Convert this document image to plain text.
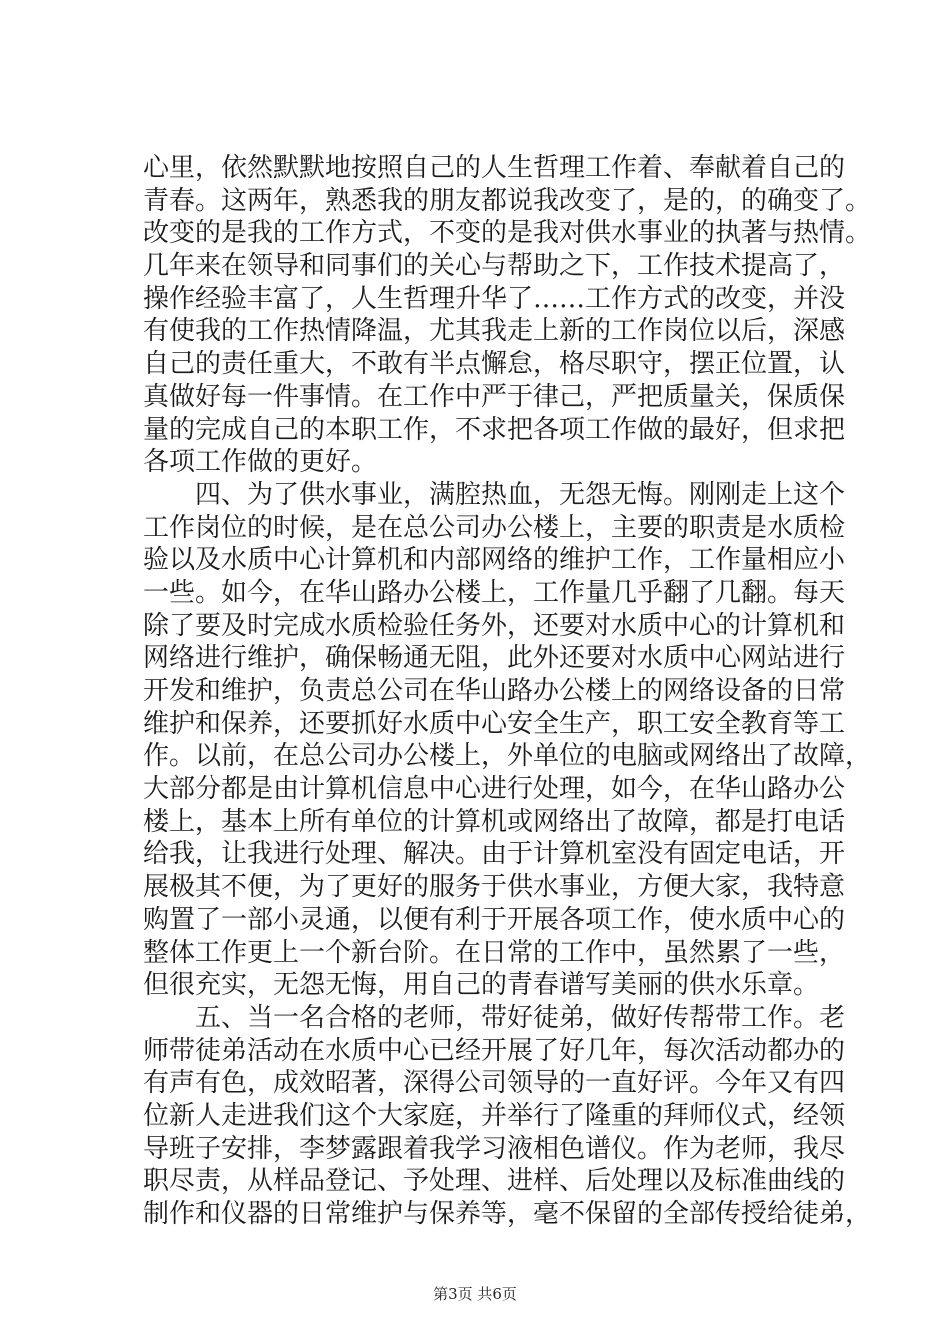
心里，依然默默地按照自己的人生哲理工作着、奉献着自己的
青春。这两年，熟悉我的朋友都说我改变了，是的，的确变了。
改变的是我的工作方式，不变的是我对供水事业的执著与热情。
几年来在领导和同事们的关心与帮助之下，工作技术提高了，
操作经验丰富了，人生哲理升华了……工作方式的改变，并没
有使我的工作热情降温，尤其我走上新的工作岗位以后，深感
自己的责任重大，不敢有半点懈怠，格尽职守，摆正位置，认
真做好每一件事情。在工作中严于律己，严把质量关，保质保
量的完成自己的本职工作，不求把各项工作做的最好，但求把
各项工作做的更好。
　　四、为了供水事业，满腔热血，无怨无悔。刚刚走上这个
工作岗位的时候，是在总公司办公楼上，主要的职责是水质检
验以及水质中心计算机和内部网络的维护工作，工作量相应小
一些。如今，在华山路办公楼上，工作量几乎翻了几翻。每天
除了要及时完成水质检验任务外，还要对水质中心的计算机和
网络进行维护，确保畅通无阻，此外还要对水质中心网站进行
开发和维护，负责总公司在华山路办公楼上的网络设备的日常
维护和保养，还要抓好水质中心安全生产，职工安全教育等工
作。以前，在总公司办公楼上，外单位的电脑或网络出了故障，
大部分都是由计算机信息中心进行处理，如今，在华山路办公
楼上，基本上所有单位的计算机或网络出了故障，都是打电话
给我，让我进行处理、解决。由于计算机室没有固定电话，开
展极其不便，为了更好的服务于供水事业，方便大家，我特意
购置了一部小灵通，以便有利于开展各项工作，使水质中心的
整体工作更上一个新台阶。在日常的工作中，虽然累了一些，
但很充实，无怨无悔，用自己的青春谱写美丽的供水乐章。
　　五、当一名合格的老师，带好徒弟，做好传帮带工作。老
师带徒弟活动在水质中心已经开展了好几年，每次活动都办的
有声有色，成效昭著，深得公司领导的一直好评。今年又有四
位新人走进我们这个大家庭，并举行了隆重的拜师仪式，经领
导班子安排，李梦露跟着我学习液相色谱仪。作为老师，我尽
职尽责，从样品登记、予处理、进样、后处理以及标准曲线的
制作和仪器的日常维护与保养等，毫不保留的全部传授给徒弟，
第3页 共6页
